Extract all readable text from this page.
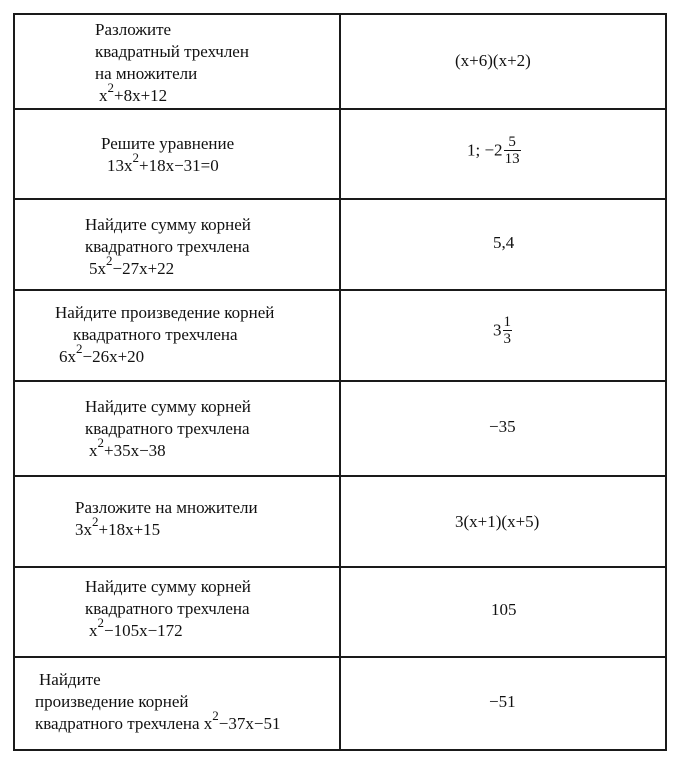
Разложите
квадратный трехчлен
на множители
$x^2+8x+12$
(x+6)(x+2)
Решите уравнение
$13x^2+18x-31=0$
1; $-2 \frac{5}{13}$
Найдите сумму корней
квадратного трехчлена
$5x^2-27x+22$
5,4
Найдите произведение корней
квадратного трехчлена
$6x^2-26x+20$
$3 \frac{1}{3}$
Найдите сумму корней
квадратного трехчлена
$x^2+35x-38$
−35
Разложите на множители
$3x^2+18x+15$	3(x+1)(x+5)
Найдите сумму корней
квадратного трехчлена
$x^2-105x-172$
105
Найдите
произведение корней
квадратного трехчлена $x^2-37x-51$
−51
